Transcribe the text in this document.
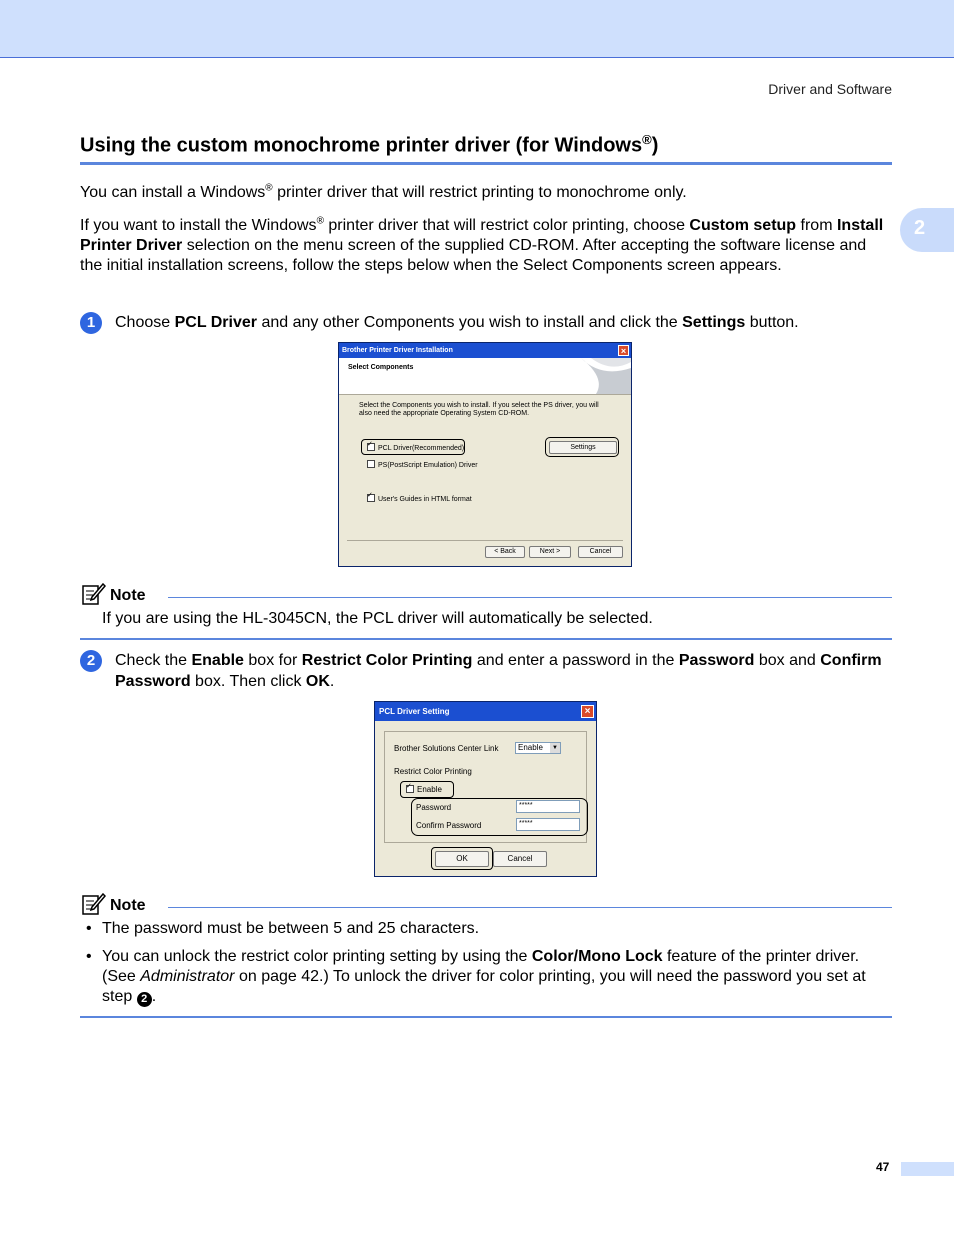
Driver and Software
2
Using the custom monochrome printer driver (for Windows®)
You can install a Windows® printer driver that will restrict printing to monochrome only.
If you want to install the Windows® printer driver that will restrict color printing, choose Custom setup from Install Printer Driver selection on the menu screen of the supplied CD-ROM. After accepting the software license and the initial installation screens, follow the steps below when the Select Components screen appears.
1	Choose PCL Driver and any other Components you wish to install and click the Settings button.
Brother Printer Driver Installation	×
Select Components
Select the Components you wish to install. If you select the PS driver, you will also need the appropriate Operating System CD-ROM.
✓PCL Driver(Recommended)
PS(PostScript Emulation) Driver
✓User's Guides in HTML format
Settings
< Back	Next >	Cancel
Note
If you are using the HL-3045CN, the PCL driver will automatically be selected.
2	Check the Enable box for Restrict Color Printing and enter a password in the Password box and Confirm Password box. Then click OK.
PCL Driver Setting	×
Brother Solutions Center Link	Enable	▼
Restrict Color Printing
✓Enable
Password	*****
Confirm Password	*****
OK	Cancel
Note
• The password must be between 5 and 25 characters.
• You can unlock the restrict color printing setting by using the Color/Mono Lock feature of the printer driver. (See Administrator on page 42.) To unlock the driver for color printing, you will need the password you set at step 2 .
47
